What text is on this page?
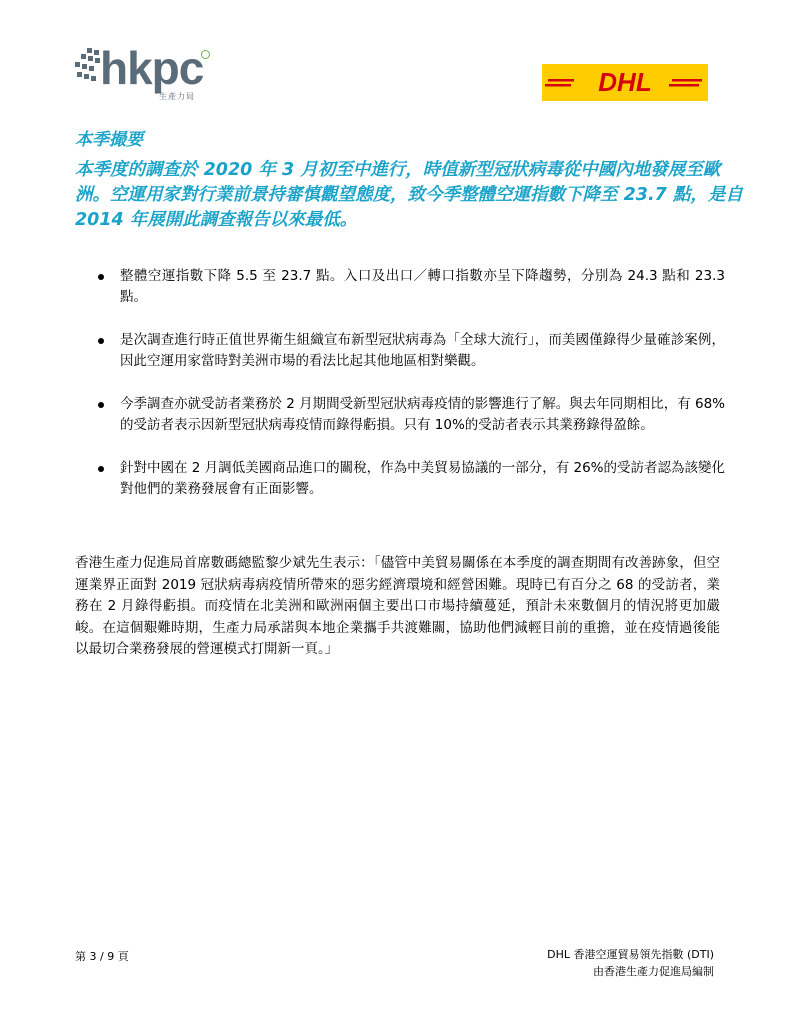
hkpc
生產力局	DHL
本季撮要
本季度的調查於 2020 年 3 月初至中進行，時值新型冠狀病毒從中國內地發展至歐洲。空運用家對行業前景持審慎觀望態度，致今季整體空運指數下降至 23.7 點，是自 2014 年展開此調查報告以來最低。
整體空運指數下降 5.5 至 23.7 點。入口及出口／轉口指數亦呈下降趨勢，分別為 24.3 點和 23.3 點。
是次調查進行時正值世界衛生組織宣布新型冠狀病毒為「全球大流行」，而美國僅錄得少量確診案例，因此空運用家當時對美洲市場的看法比起其他地區相對樂觀。
今季調查亦就受訪者業務於 2 月期間受新型冠狀病毒疫情的影響進行了解。與去年同期相比，有 68%的受訪者表示因新型冠狀病毒疫情而錄得虧損。只有 10%的受訪者表示其業務錄得盈餘。
針對中國在 2 月調低美國商品進口的關稅，作為中美貿易協議的一部分，有 26%的受訪者認為該變化對他們的業務發展會有正面影響。
香港生產力促進局首席數碼總監黎少斌先生表示：「儘管中美貿易關係在本季度的調查期間有改善跡象，但空運業界正面對 2019 冠狀病毒病疫情所帶來的惡劣經濟環境和經營困難。現時已有百分之 68 的受訪者，業務在 2 月錄得虧損。而疫情在北美洲和歐洲兩個主要出口市場持續蔓延，預計未來數個月的情況將更加嚴峻。在這個艱難時期，生產力局承諾與本地企業攜手共渡難關，協助他們減輕目前的重擔，並在疫情過後能以最切合業務發展的營運模式打開新一頁。」
第 3 / 9 頁	DHL 香港空運貿易領先指數 (DTI)
由香港生產力促進局編制
